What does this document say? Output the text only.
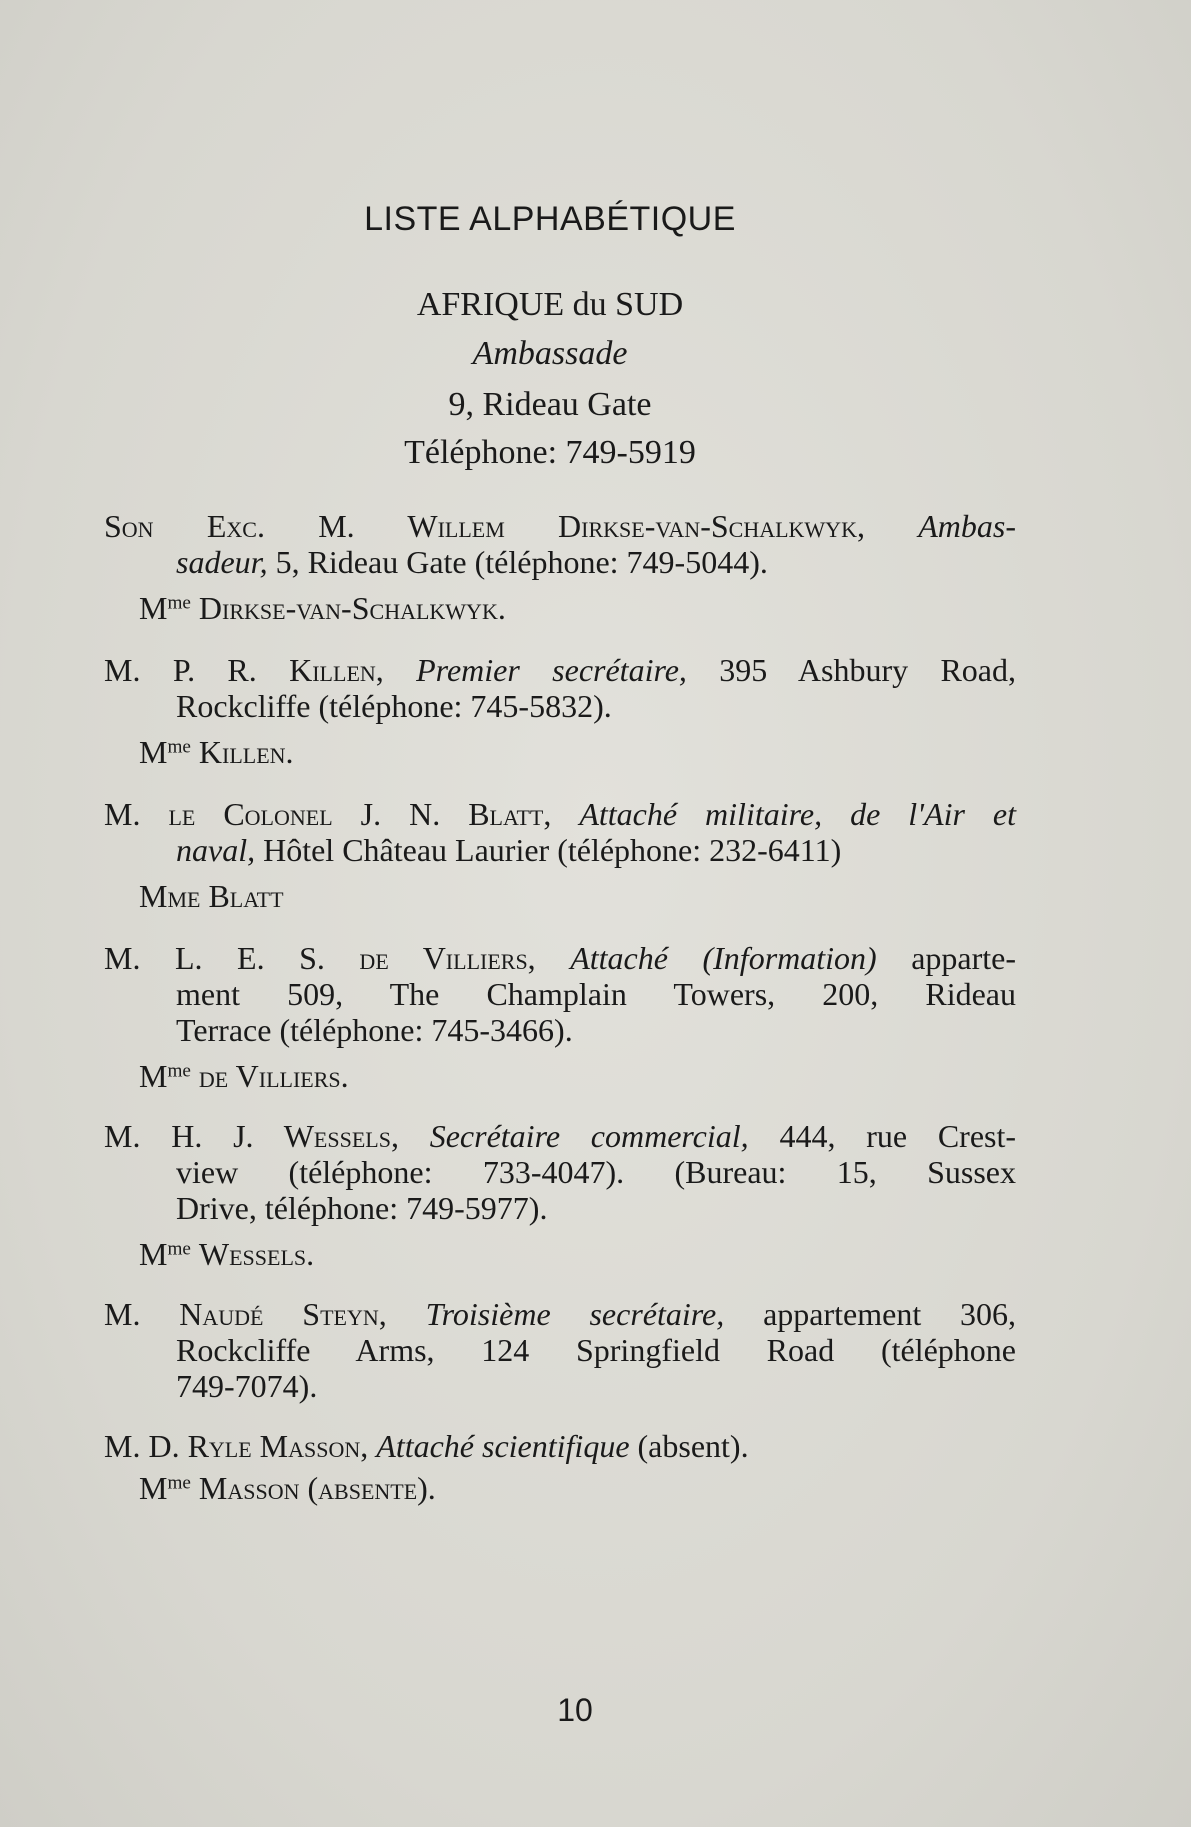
LISTE ALPHABÉTIQUE
AFRIQUE du SUD
Ambassade
9, Rideau Gate
Téléphone: 749-5919
Son Exc. M. Willem Dirkse-van-Schalkwyk, Ambas-
sadeur, 5, Rideau Gate (téléphone: 749-5044).
$M^{me}$ Dirkse-van-Schalkwyk.
M. P. R. Killen, Premier secrétaire, 395 Ashbury Road,
Rockcliffe (téléphone: 745-5832).
$M^{me}$ Killen.
M. le Colonel J. N. Blatt, Attaché militaire, de l'Air et
naval, Hôtel Château Laurier (téléphone: 232-6411)
Mme Blatt
M. L. E. S. de Villiers, Attaché (Information) apparte-
ment 509, The Champlain Towers, 200, Rideau
Terrace (téléphone: 745-3466).
$M^{me}$ de Villiers.
M. H. J. Wessels, Secrétaire commercial, 444, rue Crest-
view (téléphone: 733-4047). (Bureau: 15, Sussex
Drive, téléphone: 749-5977).
$M^{me}$ Wessels.
M. Naudé Steyn, Troisième secrétaire, appartement 306,
Rockcliffe Arms, 124 Springfield Road (téléphone
749-7074).
M. D. Ryle Masson, Attaché scientifique (absent).
$M^{me}$ Masson (absente).
10
